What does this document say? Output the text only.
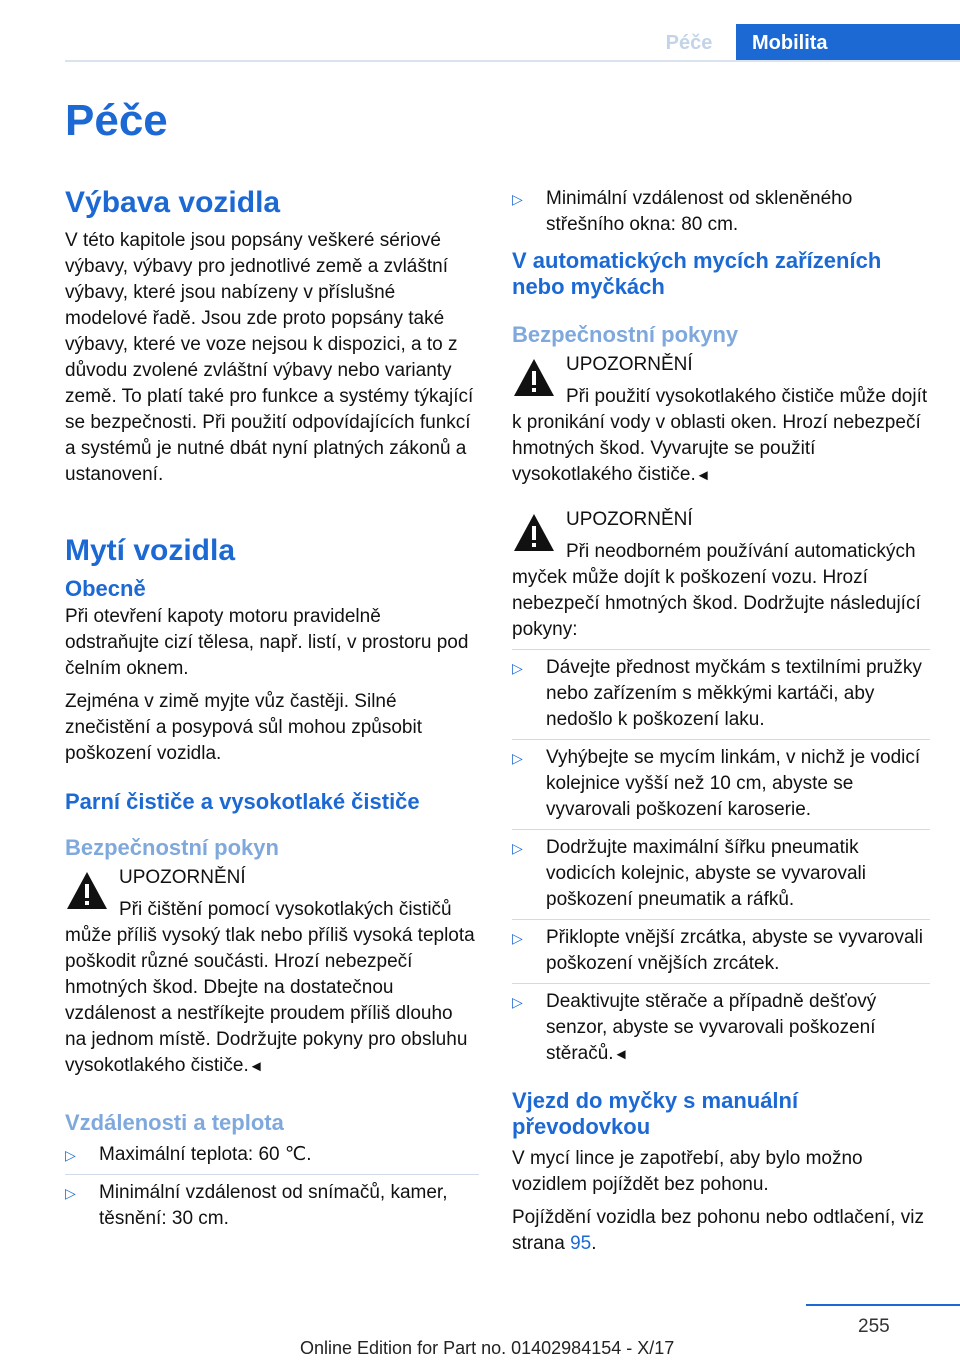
Péče	Mobilita
Péče
Výbava vozidla

V této kapitole jsou popsány veškeré sériové výbavy, výbavy pro jednotlivé země a zvláštní výbavy, které jsou nabízeny v příslušné modelové řadě. Jsou zde proto popsány také výbavy, které ve voze nejsou k dispozici, a to z důvodu zvolené zvláštní výbavy nebo varianty země. To platí také pro funkce a systémy týkající se bezpečnosti. Při použití odpovídajících funkcí a systémů je nutné dbát nyní platných zákonů a ustanovení.

Mytí vozidla
Obecně

Při otevření kapoty motoru pravidelně odstraňujte cizí tělesa, např. listí, v prostoru pod čelním oknem.

Zejména v zimě myjte vůz častěji. Silné znečistění a posypová sůl mohou způsobit poškození vozidla.

Parní čističe a vysokotlaké čističe
Bezpečnostní pokyn

UPOZORNĚNÍ

Při čištění pomocí vysokotlakých čističů může příliš vysoký tlak nebo příliš vysoká teplota poškodit různé součásti. Hrozí nebezpečí hmotných škod. Dbejte na dostatečnou vzdálenost a nestříkejte proudem příliš dlouho na jednom místě. Dodržujte pokyny pro obsluhu vysokotlakého čističe.◄

Vzdálenosti a teplota
▷ Maximální teplota: 60 ℃.
▷ Minimální vzdálenost od snímačů, kamer, těsnění: 30 cm.
▷ Minimální vzdálenost od skleněného střešního okna: 80 cm.
V automatických mycích zařízeních nebo myčkách
Bezpečnostní pokyny

UPOZORNĚNÍ

Při použití vysokotlakého čističe může dojít k pronikání vody v oblasti oken. Hrozí nebezpečí hmotných škod. Vyvarujte se použití vysokotlakého čističe.◄

UPOZORNĚNÍ

Při neodborném používání automatických myček může dojít k poškození vozu. Hrozí nebezpečí hmotných škod. Dodržujte následující pokyny:

▷ Dávejte přednost myčkám s textilními pružky nebo zařízením s měkkými kartáči, aby nedošlo k poškození laku.
▷ Vyhýbejte se mycím linkám, v nichž je vodicí kolejnice vyšší než 10 cm, abyste se vyvarovali poškození karoserie.
▷ Dodržujte maximální šířku pneumatik vodicích kolejnic, abyste se vyvarovali poškození pneumatik a ráfků.
▷ Přiklopte vnější zrcátka, abyste se vyvarovali poškození vnějších zrcátek.
▷ Deaktivujte stěrače a případně dešťový senzor, abyste se vyvarovali poškození stěračů.◄
Vjezd do myčky s manuální převodovkou

V mycí lince je zapotřebí, aby bylo možno vozidlem pojíždět bez pohonu.

Pojíždění vozidla bez pohonu nebo odtlačení, viz strana 95.

255
Online Edition for Part no. 01402984154 - X/17
